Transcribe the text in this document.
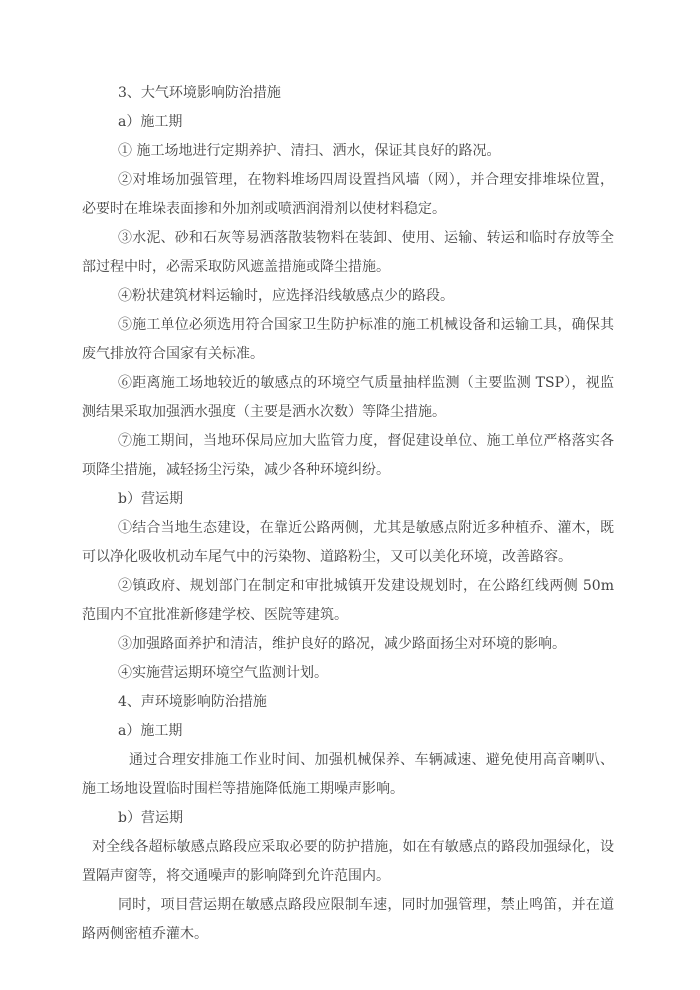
3、大气环境影响防治措施

a）施工期

① 施工场地进行定期养护、清扫、洒水，保证其良好的路况。

②对堆场加强管理，在物料堆场四周设置挡风墙（网），并合理安排堆垛位置，必要时在堆垛表面掺和外加剂或喷洒润滑剂以使材料稳定。

③水泥、砂和石灰等易洒落散装物料在装卸、使用、运输、转运和临时存放等全部过程中时，必需采取防风遮盖措施或降尘措施。

④粉状建筑材料运输时，应选择沿线敏感点少的路段。

⑤施工单位必须选用符合国家卫生防护标准的施工机械设备和运输工具，确保其废气排放符合国家有关标准。

⑥距离施工场地较近的敏感点的环境空气质量抽样监测（主要监测 TSP），视监测结果采取加强洒水强度（主要是洒水次数）等降尘措施。

⑦施工期间，当地环保局应加大监管力度，督促建设单位、施工单位严格落实各项降尘措施，减轻扬尘污染，减少各种环境纠纷。

b）营运期

①结合当地生态建设，在靠近公路两侧，尤其是敏感点附近多种植乔、灌木，既可以净化吸收机动车尾气中的污染物、道路粉尘，又可以美化环境，改善路容。

②镇政府、规划部门在制定和审批城镇开发建设规划时，在公路红线两侧 50m 范围内不宜批准新修建学校、医院等建筑。

③加强路面养护和清洁，维护良好的路况，减少路面扬尘对环境的影响。

④实施营运期环境空气监测计划。

4、声环境影响防治措施

a）施工期

通过合理安排施工作业时间、加强机械保养、车辆减速、避免使用高音喇叭、施工场地设置临时围栏等措施降低施工期噪声影响。

b）营运期

对全线各超标敏感点路段应采取必要的防护措施，如在有敏感点的路段加强绿化，设置隔声窗等，将交通噪声的影响降到允许范围内。

同时，项目营运期在敏感点路段应限制车速，同时加强管理，禁止鸣笛，并在道路两侧密植乔灌木。
